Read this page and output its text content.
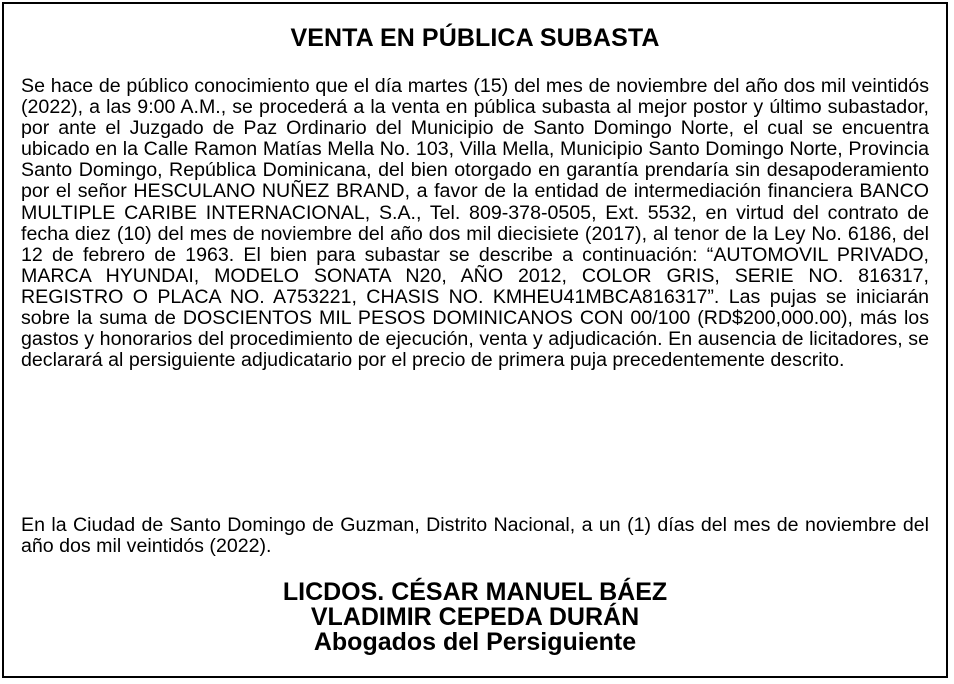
VENTA EN PÚBLICA SUBASTA

Se hace de público conocimiento que el día martes (15) del mes de noviembre del año dos mil veintidós (2022), a las 9:00 A.M., se procederá a la venta en pública subasta al mejor postor y último subastador, por ante el Juzgado de Paz Ordinario del Municipio de Santo Domingo Norte, el cual se encuentra ubicado en la Calle Ramon Matías Mella No. 103, Villa Mella, Municipio Santo Domingo Norte, Provincia Santo Domingo, República Dominicana, del bien otorgado en garantía prendaría sin desapoderamiento por el señor HESCULANO NUÑEZ BRAND, a favor de la entidad de intermediación financiera BANCO MULTIPLE CARIBE INTERNACIONAL, S.A., Tel. 809-378-0505, Ext. 5532, en virtud del contrato de fecha diez (10) del mes de noviembre del año dos mil diecisiete (2017), al tenor de la Ley No. 6186, del 12 de febrero de 1963. El bien para subastar se describe a continuación: “AUTOMOVIL PRIVADO, MARCA HYUNDAI, MODELO SONATA N20, AÑO 2012, COLOR GRIS, SERIE NO. 816317, REGISTRO O PLACA NO. A753221, CHASIS NO. KMHEU41MBCA816317”. Las pujas se iniciarán sobre la suma de DOSCIENTOS MIL PESOS DOMINICANOS CON 00/100 (RD$200,000.00), más los gastos y honorarios del procedimiento de ejecución, venta y adjudicación. En ausencia de licitadores, se declarará al persiguiente adjudicatario por el precio de primera puja precedentemente descrito.

En la Ciudad de Santo Domingo de Guzman, Distrito Nacional, a un (1) días del mes de noviembre del año dos mil veintidós (2022).

LICDOS. CÉSAR MANUEL BÁEZ
VLADIMIR CEPEDA DURÁN
Abogados del Persiguiente
